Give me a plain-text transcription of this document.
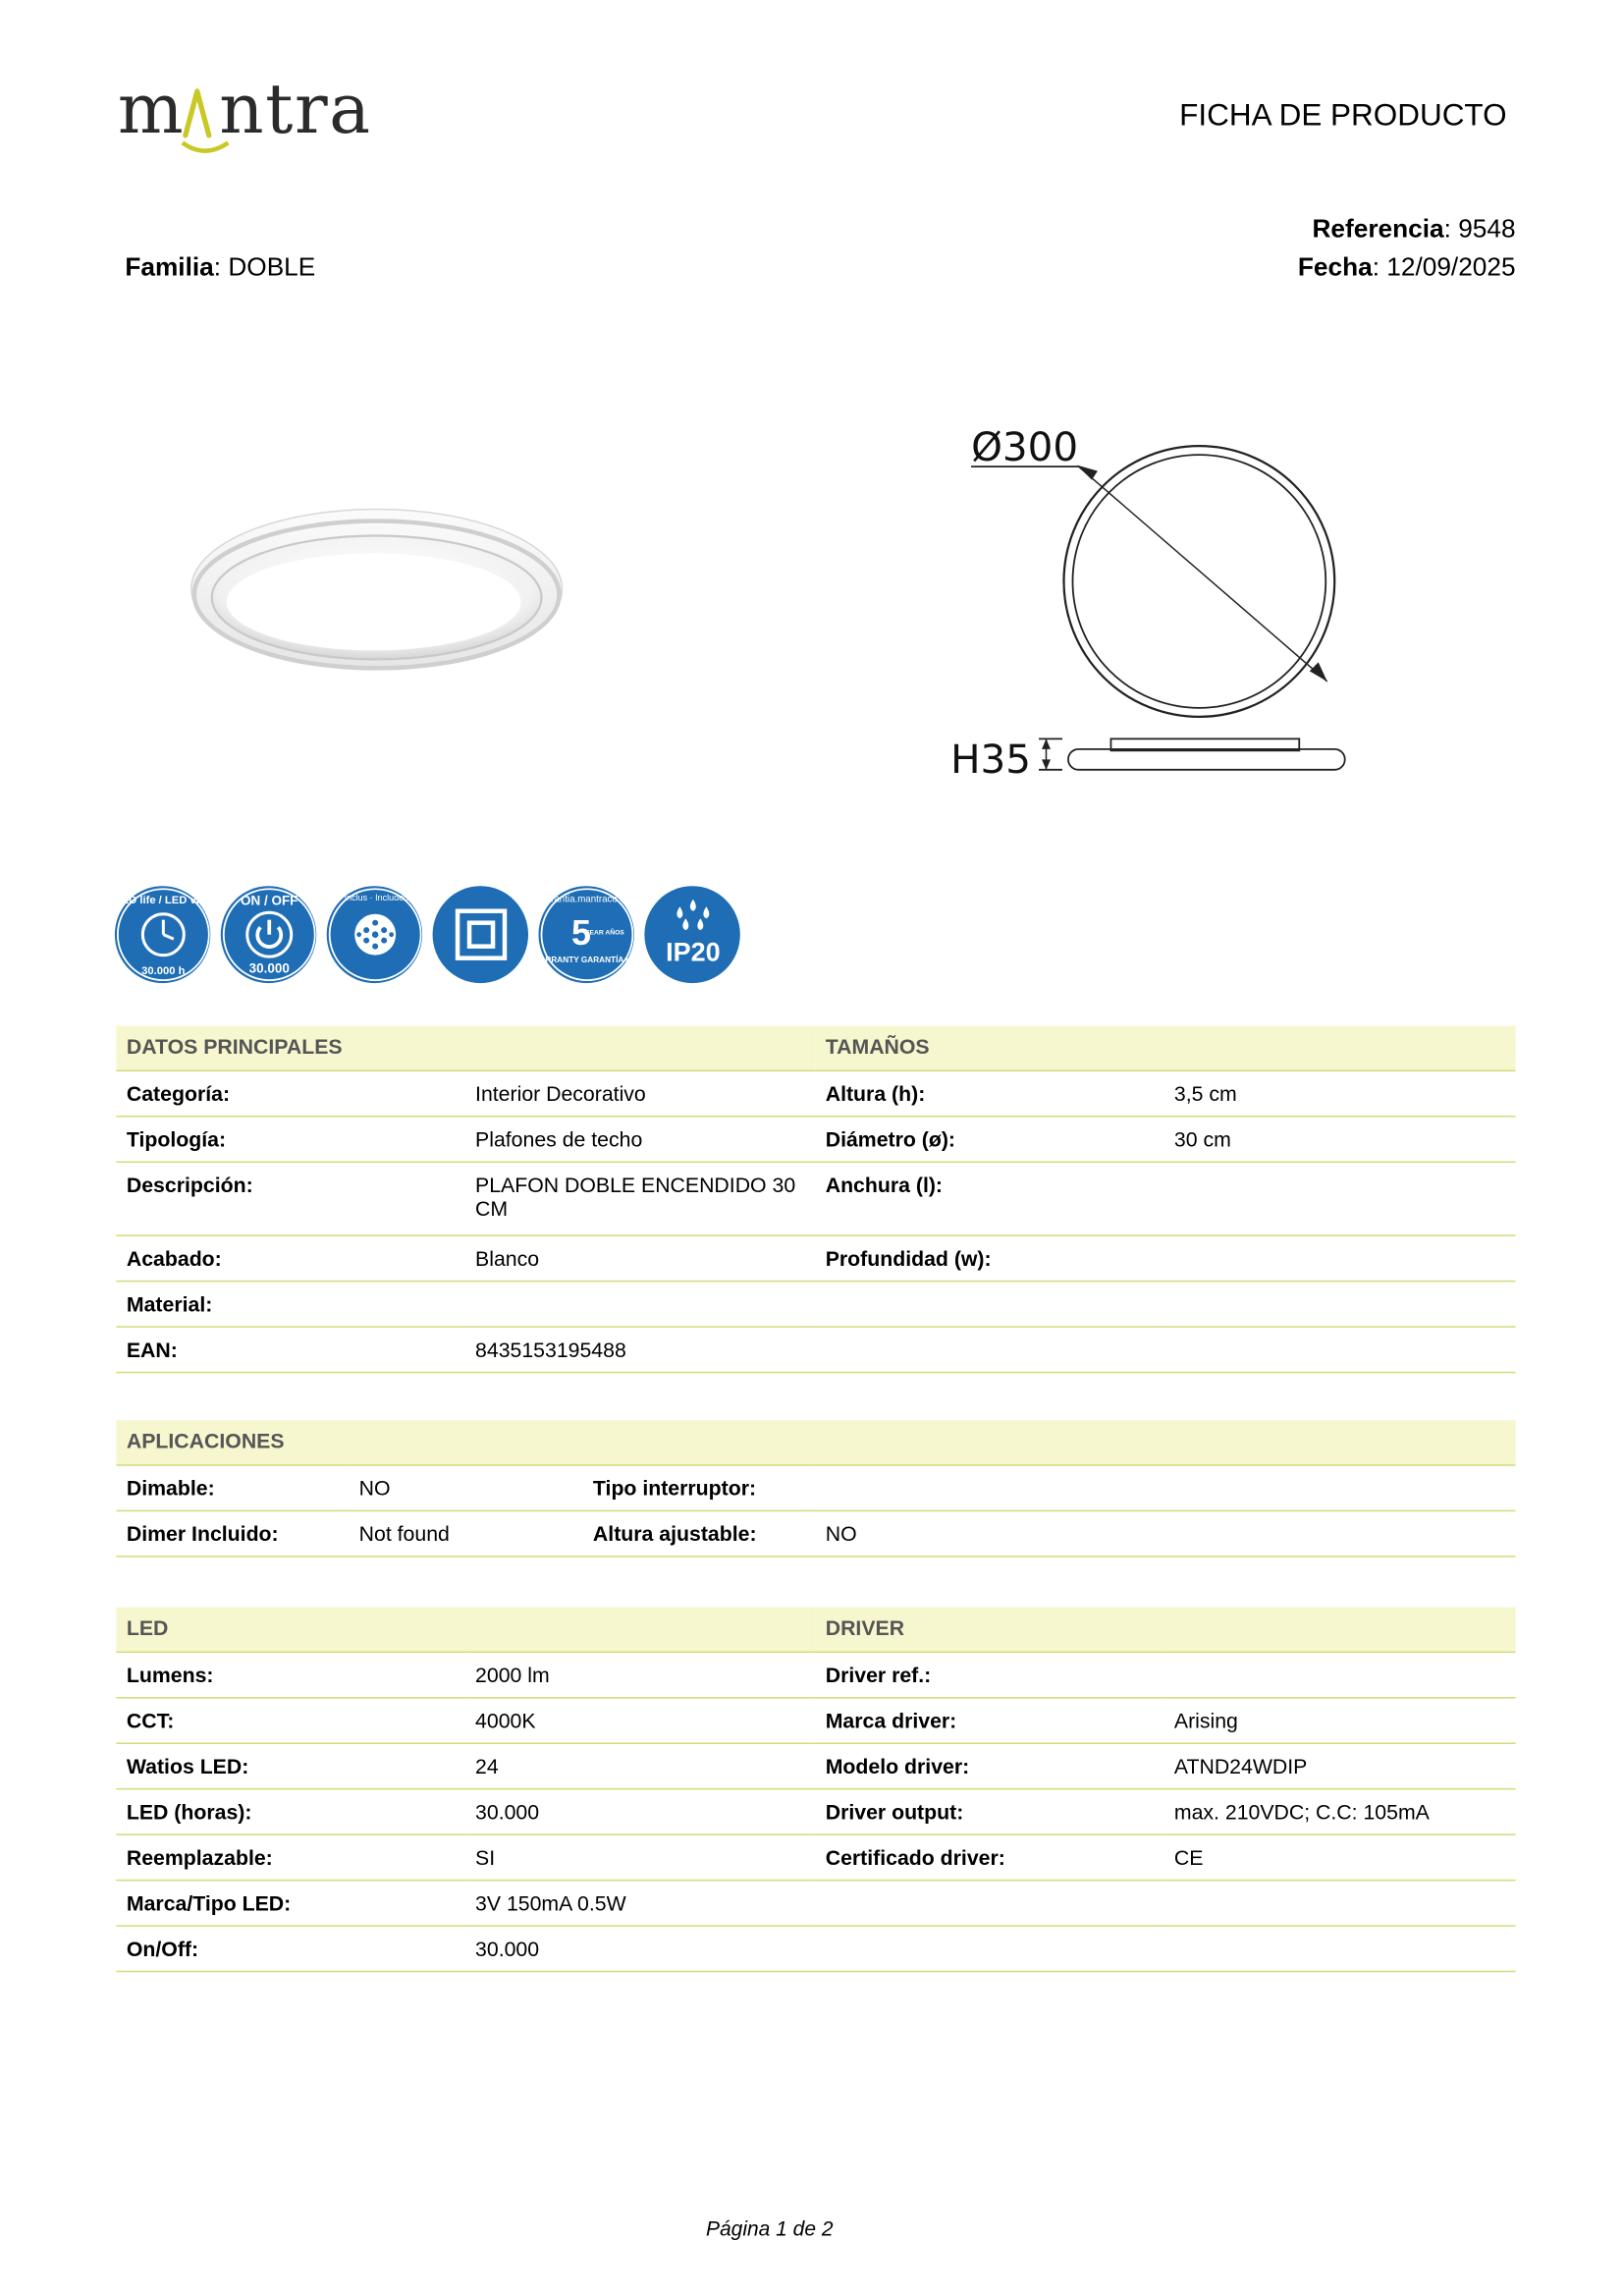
m ntra	FICHA DE PRODUCTO
Familia: DOBLE
Referencia: 9548
Fecha: 12/09/2025
Ø300
H35
LED life / LED vida
30.000 h
ON / OFF
30.000
Incluido · Inclus · Included · Incluso	garantia.mantraco.org
5
YEAR AÑOS
WARRANTY GARANTÍA LED IP20
DATOS PRINCIPALES		TAMAÑOS	
Categoría:	Interior Decorativo	Altura (h):	3,5 cm
Tipología:	Plafones de techo	Diámetro (ø):	30 cm
Descripción:	PLAFON DOBLE ENCENDIDO 30 CM	Anchura (l):	
Acabado:	Blanco	Profundidad (w):	
Material:			
EAN:	8435153195488		
APLICACIONES			
Dimable:	NO	Tipo interruptor:	
Dimer Incluido:	Not found	Altura ajustable:	NO
LED		DRIVER	
Lumens:	2000 lm	Driver ref.:	
CCT:	4000K	Marca driver:	Arising
Watios LED:	24	Modelo driver:	ATND24WDIP
LED (horas):	30.000	Driver output:	max. 210VDC; C.C: 105mA
Reemplazable:	SI	Certificado driver:	CE
Marca/Tipo LED:	3V 150mA 0.5W		
On/Off:	30.000		
Página 1 de 2
